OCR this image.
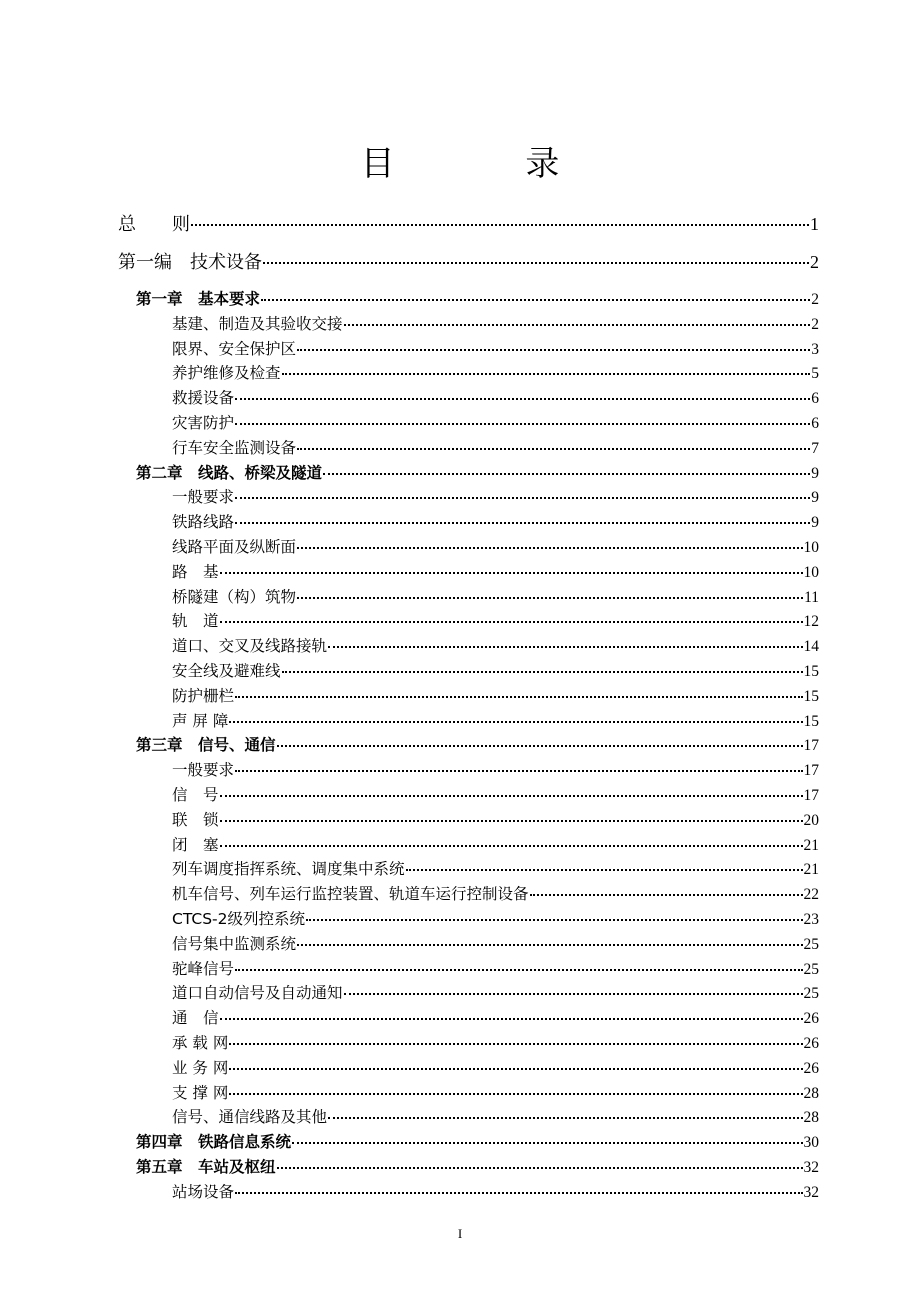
目 录
总　　则	1
第一编　技术设备	2
第一章　基本要求	2
基建、制造及其验收交接	2
限界、安全保护区	3
养护维修及检查	5
救援设备	6
灾害防护	6
行车安全监测设备	7
第二章　线路、桥梁及隧道	9
一般要求	9
铁路线路	9
线路平面及纵断面	10
路　基	10
桥隧建（构）筑物	11
轨　道	12
道口、交叉及线路接轨	14
安全线及避难线	15
防护栅栏	15
声 屏 障	15
第三章　信号、通信	17
一般要求	17
信　号	17
联　锁	20
闭　塞	21
列车调度指挥系统、调度集中系统	21
机车信号、列车运行监控装置、轨道车运行控制设备	22
CTCS-2级列控系统	23
信号集中监测系统	25
驼峰信号	25
道口自动信号及自动通知	25
通　信	26
承 载 网	26
业 务 网	26
支 撑 网	28
信号、通信线路及其他	28
第四章　铁路信息系统	30
第五章　车站及枢纽	32
站场设备	32
I
